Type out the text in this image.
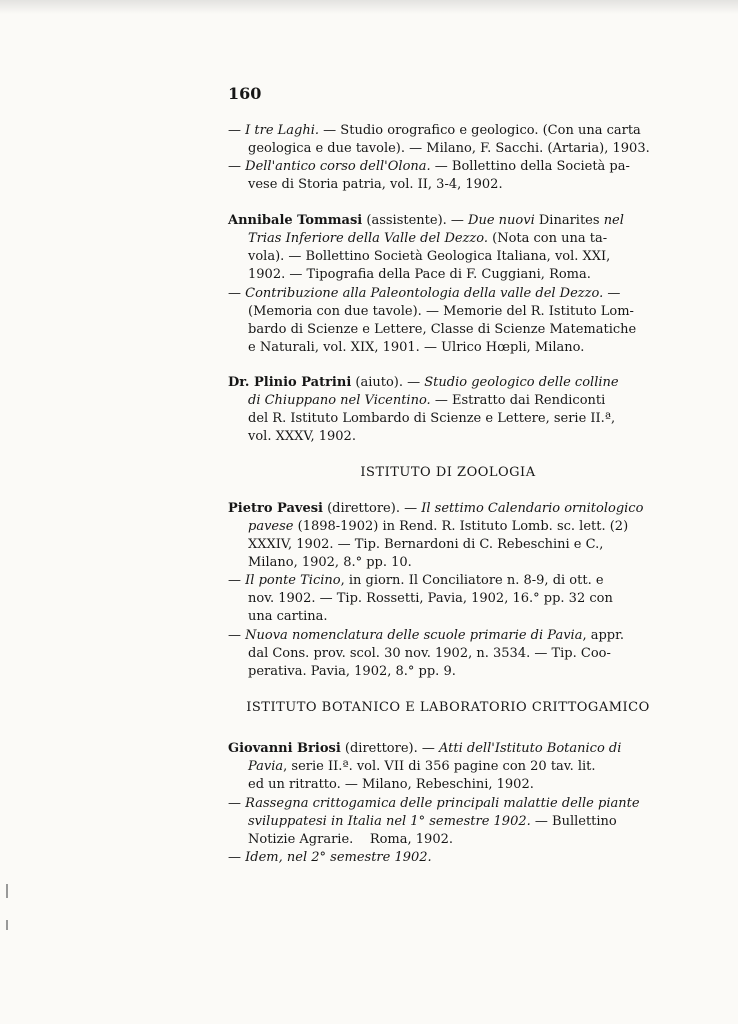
160
— I tre Laghi. — Studio orografico e geologico. (Con una carta
geologica e due tavole). — Milano, F. Sacchi. (Artaria), 1903.
— Dell'antico corso dell'Olona. — Bollettino della Società pa-
vese di Storia patria, vol. II, 3-4, 1902.
Annibale Tommasi (assistente). — Due nuovi Dinarites nel
Trias Inferiore della Valle del Dezzo. (Nota con una ta-
vola). — Bollettino Società Geologica Italiana, vol. XXI,
1902. — Tipografia della Pace di F. Cuggiani, Roma.
— Contribuzione alla Paleontologia della valle del Dezzo. —
(Memoria con due tavole). — Memorie del R. Istituto Lom-
bardo di Scienze e Lettere, Classe di Scienze Matematiche
e Naturali, vol. XIX, 1901. — Ulrico Hœpli, Milano.
Dr. Plinio Patrini (aiuto). — Studio geologico delle colline
di Chiuppano nel Vicentino. — Estratto dai Rendiconti
del R. Istituto Lombardo di Scienze e Lettere, serie II.ª,
vol. XXXV, 1902.
ISTITUTO DI ZOOLOGIA
Pietro Pavesi (direttore). — Il settimo Calendario ornitologico
pavese (1898-1902) in Rend. R. Istituto Lomb. sc. lett. (2)
XXXIV, 1902. — Tip. Bernardoni di C. Rebeschini e C.,
Milano, 1902, 8.° pp. 10.
— Il ponte Ticino, in giorn. Il Conciliatore n. 8-9, di ott. e
nov. 1902. — Tip. Rossetti, Pavia, 1902, 16.° pp. 32 con
una cartina.
— Nuova nomenclatura delle scuole primarie di Pavia, appr.
dal Cons. prov. scol. 30 nov. 1902, n. 3534. — Tip. Coo-
perativa. Pavia, 1902, 8.° pp. 9.
ISTITUTO BOTANICO E LABORATORIO CRITTOGAMICO
Giovanni Briosi (direttore). — Atti dell'Istituto Botanico di
Pavia, serie II.ª. vol. VII di 356 pagine con 20 tav. lit.
ed un ritratto. — Milano, Rebeschini, 1902.
— Rassegna crittogamica delle principali malattie delle piante
sviluppatesi in Italia nel 1° semestre 1902. — Bullettino
Notizie Agrarie.    Roma, 1902.
— Idem, nel 2° semestre 1902.
